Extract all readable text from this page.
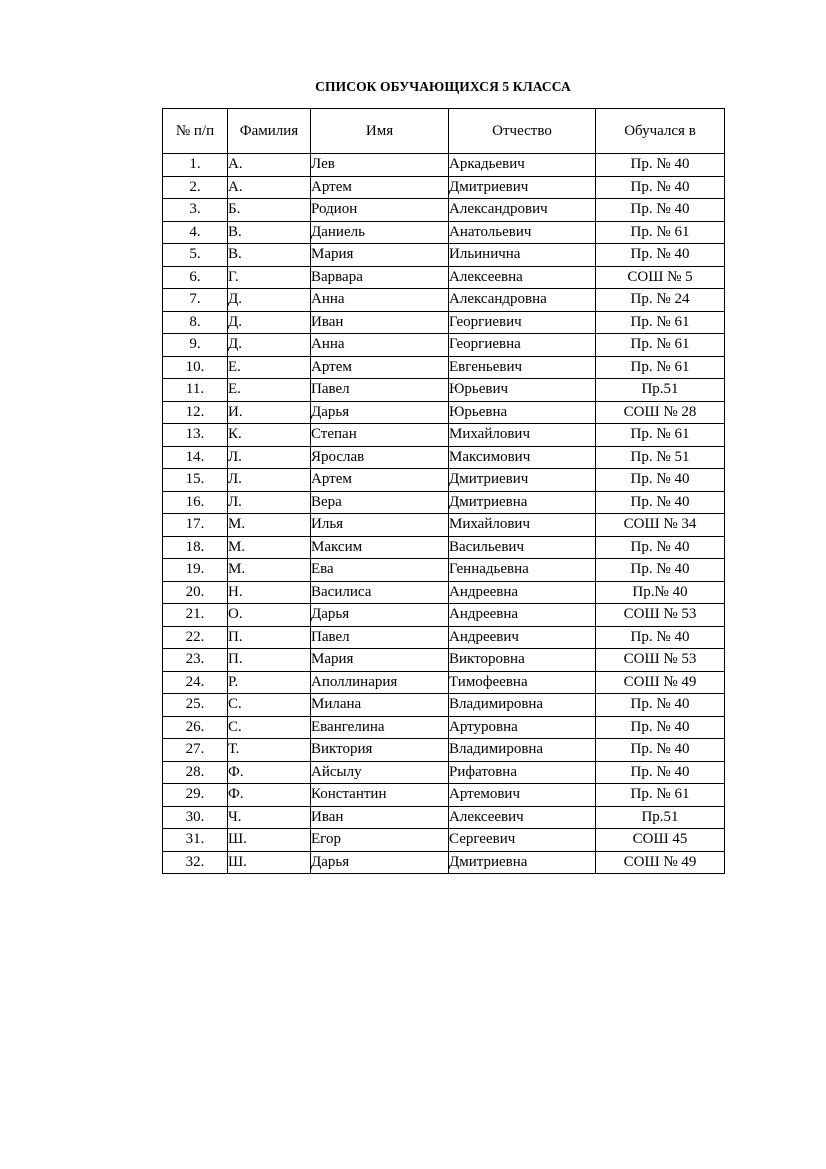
СПИСОК ОБУЧАЮЩИХСЯ 5 КЛАССА
№ п/п	Фамилия	Имя	Отчество	Обучался в
1.	А.	Лев	Аркадьевич	Пр. № 40
2.	А.	Артем	Дмитриевич	Пр. № 40
3.	Б.	Родион	Александрович	Пр. № 40
4.	В.	Даниель	Анатольевич	Пр. № 61
5.	В.	Мария	Ильинична	Пр. № 40
6.	Г.	Варвара	Алексеевна	СОШ № 5
7.	Д.	Анна	Александровна	Пр. № 24
8.	Д.	Иван	Георгиевич	Пр. № 61
9.	Д.	Анна	Георгиевна	Пр. № 61
10.	Е.	Артем	Евгеньевич	Пр. № 61
11.	Е.	Павел	Юрьевич	Пр.51
12.	И.	Дарья	Юрьевна	СОШ № 28
13.	К.	Степан	Михайлович	Пр. № 61
14.	Л.	Ярослав	Максимович	Пр. № 51
15.	Л.	Артем	Дмитриевич	Пр. № 40
16.	Л.	Вера	Дмитриевна	Пр. № 40
17.	М.	Илья	Михайлович	СОШ № 34
18.	М.	Максим	Васильевич	Пр. № 40
19.	М.	Ева	Геннадьевна	Пр. № 40
20.	Н.	Василиса	Андреевна	Пр.№ 40
21.	О.	Дарья	Андреевна	СОШ № 53
22.	П.	Павел	Андреевич	Пр. № 40
23.	П.	Мария	Викторовна	СОШ № 53
24.	Р.	Аполлинария	Тимофеевна	СОШ № 49
25.	С.	Милана	Владимировна	Пр. № 40
26.	С.	Евангелина	Артуровна	Пр. № 40
27.	Т.	Виктория	Владимировна	Пр. № 40
28.	Ф.	Айсылу	Рифатовна	Пр. № 40
29.	Ф.	Константин	Артемович	Пр. № 61
30.	Ч.	Иван	Алексеевич	Пр.51
31.	Ш.	Егор	Сергеевич	СОШ 45
32.	Ш.	Дарья	Дмитриевна	СОШ № 49
